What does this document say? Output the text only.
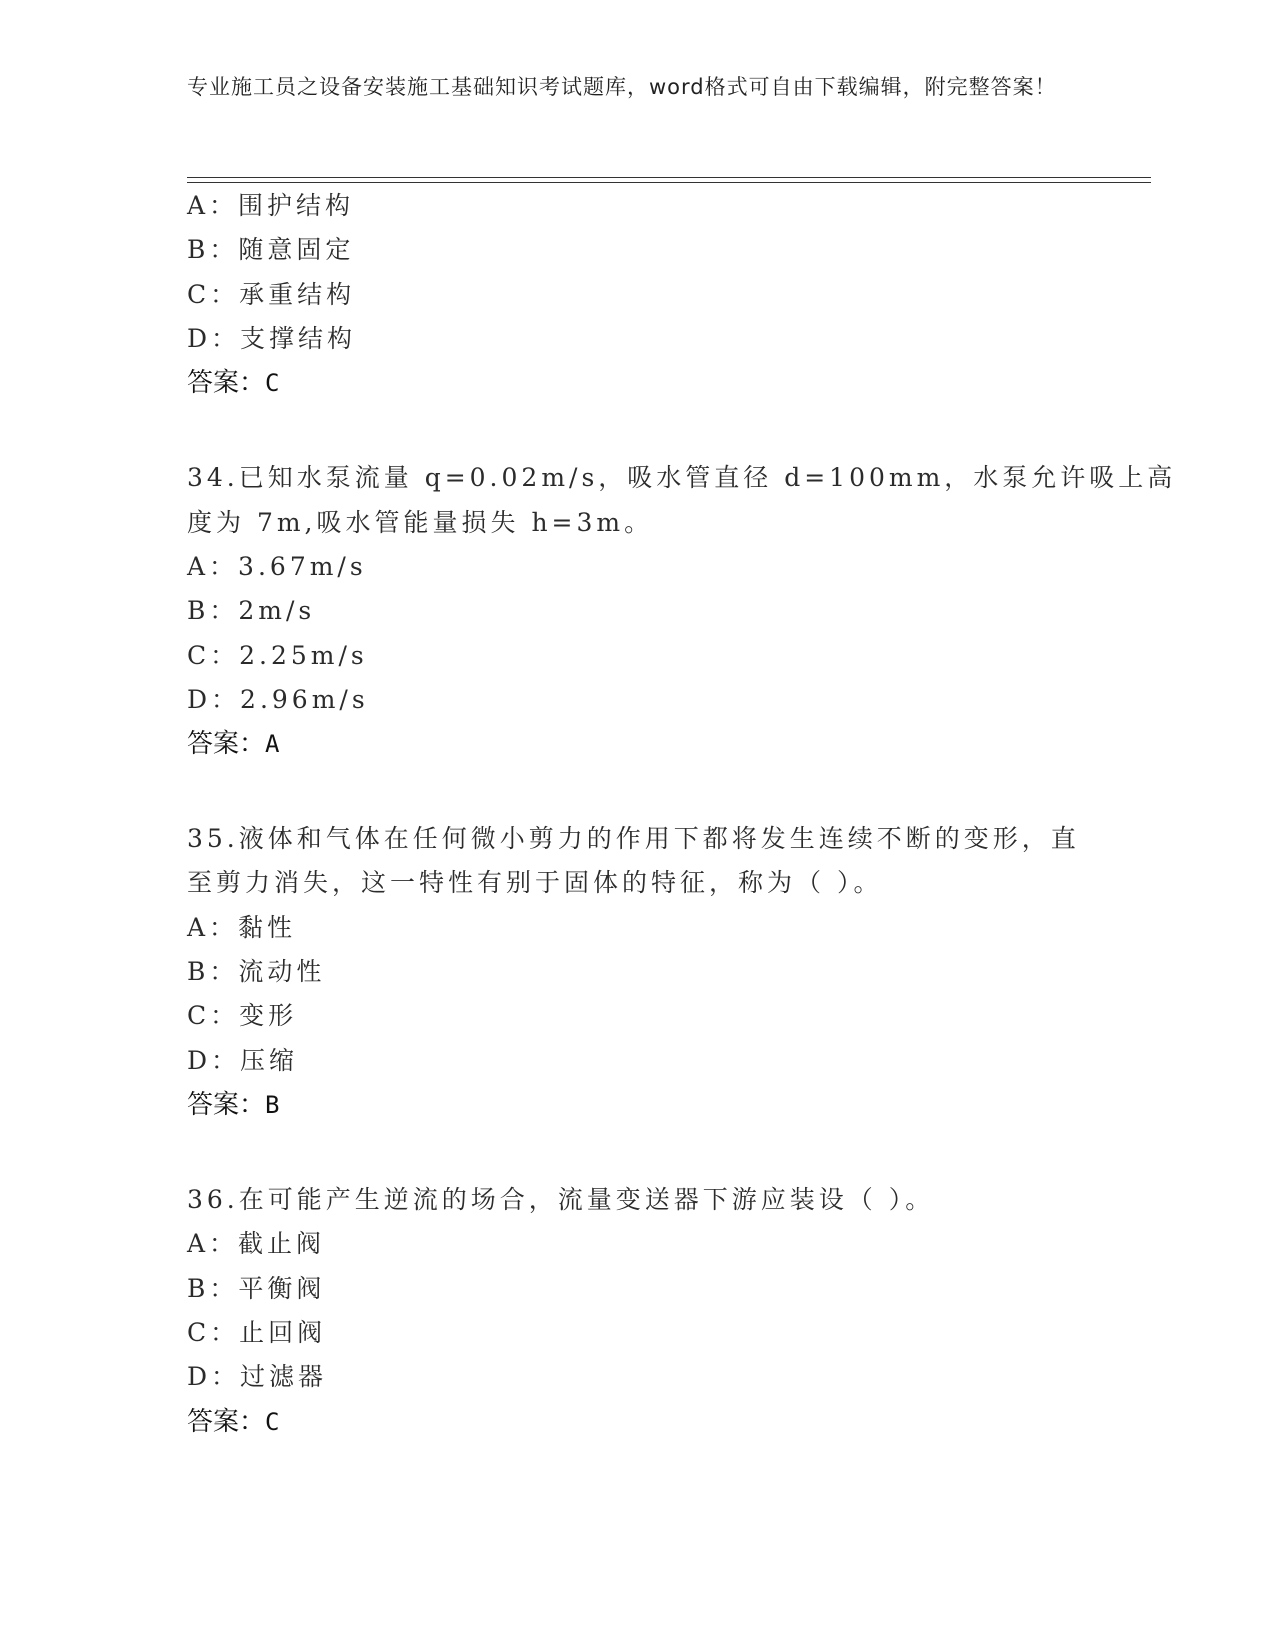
专业施工员之设备安装施工基础知识考试题库，word格式可自由下载编辑，附完整答案！
A：围护结构
B：随意固定
C：承重结构
D：支撑结构
答案：C
34.已知水泵流量 q=0.02m/s，吸水管直径 d=100mm，水泵允许吸上高
度为 7m,吸水管能量损失 h=3m。
A：3.67m/s
B：2m/s
C：2.25m/s
D：2.96m/s
答案：A
35.液体和气体在任何微小剪力的作用下都将发生连续不断的变形，直
至剪力消失，这一特性有别于固体的特征，称为（ ）。
A：黏性
B：流动性
C：变形
D：压缩
答案：B
36.在可能产生逆流的场合，流量变送器下游应装设（ ）。
A：截止阀
B：平衡阀
C：止回阀
D：过滤器
答案：C
